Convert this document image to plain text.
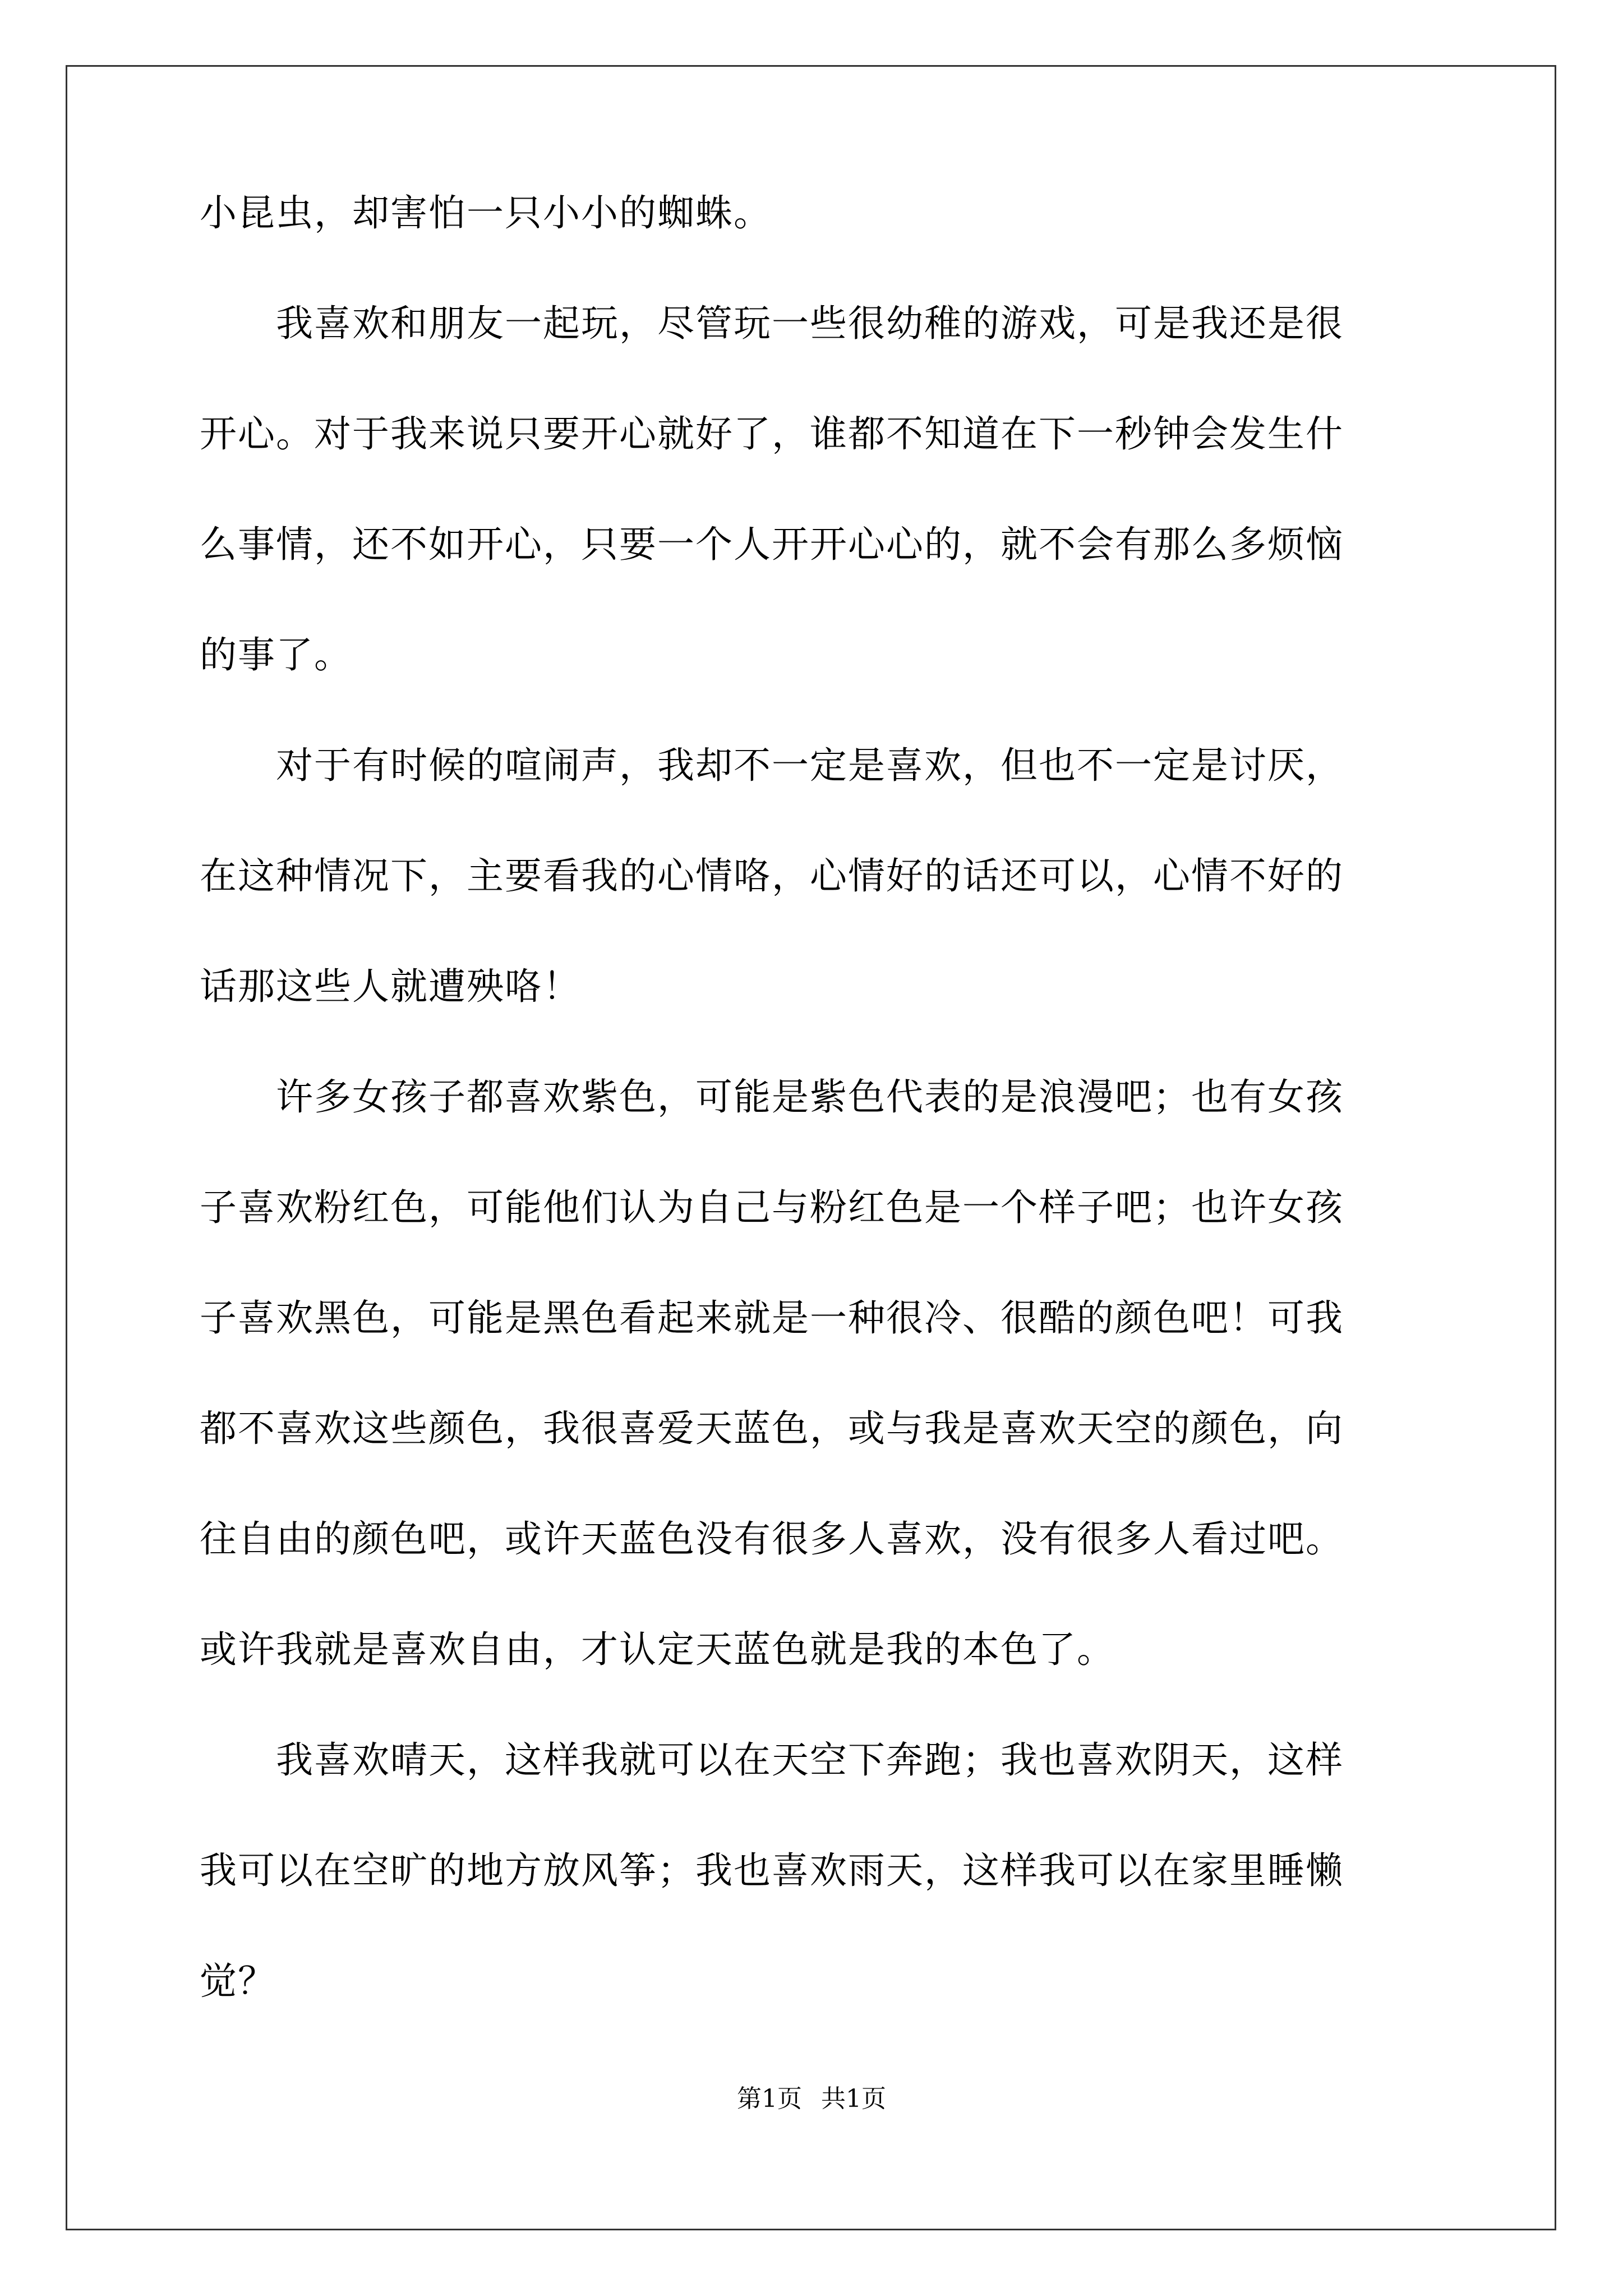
小昆虫，却害怕一只小小的蜘蛛。
　　我喜欢和朋友一起玩，尽管玩一些很幼稚的游戏，可是我还是很
开心。对于我来说只要开心就好了，谁都不知道在下一秒钟会发生什
么事情，还不如开心，只要一个人开开心心的，就不会有那么多烦恼
的事了。
　　对于有时候的喧闹声，我却不一定是喜欢，但也不一定是讨厌，
在这种情况下，主要看我的心情咯，心情好的话还可以，心情不好的
话那这些人就遭殃咯！
　　许多女孩子都喜欢紫色，可能是紫色代表的是浪漫吧；也有女孩
子喜欢粉红色，可能他们认为自己与粉红色是一个样子吧；也许女孩
子喜欢黑色，可能是黑色看起来就是一种很冷、很酷的颜色吧！可我
都不喜欢这些颜色，我很喜爱天蓝色，或与我是喜欢天空的颜色，向
往自由的颜色吧，或许天蓝色没有很多人喜欢，没有很多人看过吧。
或许我就是喜欢自由，才认定天蓝色就是我的本色了。
　　我喜欢晴天，这样我就可以在天空下奔跑；我也喜欢阴天，这样
我可以在空旷的地方放风筝；我也喜欢雨天，这样我可以在家里睡懒
觉？
第1页 共1页
